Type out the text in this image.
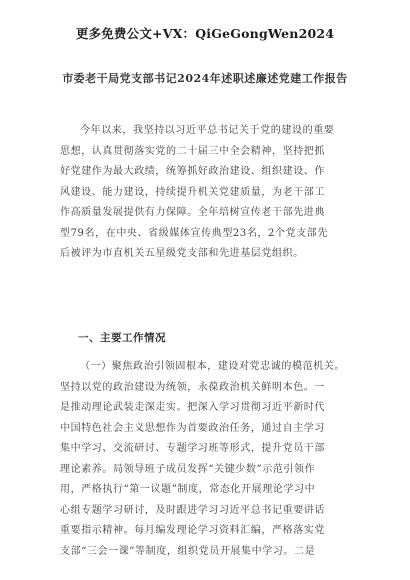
更多免费公文+VX：QiGeGongWen2024
市委老干局党支部书记2024年述职述廉述党建工作报告
今年以来，我坚持以习近平总书记关于党的建设的重要
思想，认真贯彻落实党的二十届三中全会精神，坚持把抓
好党建作为最大政绩，统筹抓好政治建设、组织建设、作
风建设、能力建设，持续提升机关党建质量，为老干部工
作高质量发展提供有力保障。全年培树宣传老干部先进典
型79名，在中央、省级媒体宣传典型23名，2个党支部先
后被评为市直机关五星级党支部和先进基层党组织。
一、主要工作情况
（一）聚焦政治引领固根本，建设对党忠诚的模范机关。
坚持以党的政治建设为统领，永葆政治机关鲜明本色。一
是推动理论武装走深走实。把深入学习贯彻习近平新时代
中国特色社会主义思想作为首要政治任务，通过自主学习
集中学习、交流研讨、专题学习班等形式，提升党员干部
理论素养。局领导班子成员发挥“关键少数”示范引领作
用，严格执行“第一议题”制度，常态化开展理论学习中
心组专题学习研讨，及时跟进学习习近平总书记重要讲话
重要指示精神。每月编发理论学习资料汇编，严格落实党
支部“三会一课”等制度，组织党员开展集中学习。二是
